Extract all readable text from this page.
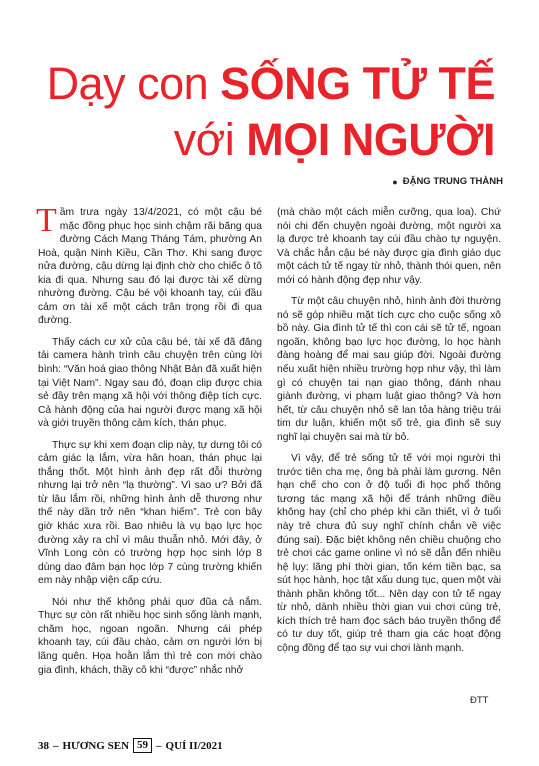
Dạy con SỐNG TỬ TẾ
với MỌI NGƯỜI
● ĐẶNG TRUNG THÀNH

Tầm trưa ngày 13/4/2021, có một cậu bé mặc đồng phục học sinh chậm rãi băng qua đường Cách Mạng Tháng Tám, phường An Hoà, quận Ninh Kiều, Cần Thơ. Khi sang được nửa đường, cậu dừng lại định chờ cho chiếc ô tô kia đi qua. Nhưng sau đó lại được tài xế dừng nhường đường. Cậu bé vội khoanh tay, cúi đầu cảm ơn tài xế một cách trân trọng rồi đi qua đường.

Thấy cách cư xử của cậu bé, tài xế đã đăng tải camera hành trình câu chuyện trên cùng lời bình: “Văn hoá giao thông Nhật Bản đã xuất hiện tại Việt Nam”. Ngay sau đó, đoạn clip được chia sẻ đầy trên mạng xã hội với thông điệp tích cực. Cả hành động của hai người được mạng xã hội và giới truyền thông cảm kích, thán phục.

Thực sự khi xem đoạn clip này, tự dưng tôi có cảm giác lạ lắm, vừa hân hoan, thán phục lại thắng thốt. Một hình ảnh đẹp rất đỗi thường nhưng lại trở nên “lạ thường”. Vì sao ư? Bởi đã từ lâu lắm rồi, những hình ảnh dễ thương như thế này dần trở nên “khan hiếm”. Trẻ con bây giờ khác xưa rồi. Bao nhiêu là vụ bạo lực học đường xảy ra chỉ vì mâu thuẫn nhỏ. Mới đây, ở Vĩnh Long còn có trường hợp học sinh lớp 8 dùng dao đâm bạn học lớp 7 cùng trường khiến em này nhập viện cấp cứu.

Nói như thế không phải quơ đũa cả nắm. Thực sự còn rất nhiều học sinh sống lành mạnh, chăm học, ngoan ngoãn. Nhưng cái phép khoanh tay, cúi đầu chào, cảm ơn người lớn bị lãng quên. Họa hoằn lắm thì trẻ con mới chào gia đình, khách, thầy cô khi “được” nhắc nhở

(mà chào một cách miễn cưỡng, qua loa). Chứ nói chi đến chuyện ngoài đường, một người xa lạ được trẻ khoanh tay cúi đầu chào tự nguyện. Và chắc hẳn cậu bé này được gia đình giáo dục một cách tử tế ngay từ nhỏ, thành thói quen, nên mới có hành động đẹp như vậy.

Từ một câu chuyện nhỏ, hình ảnh đời thường nó sẽ góp nhiều mặt tích cực cho cuộc sống xô bồ này. Gia đình tử tế thì con cái sẽ tử tế, ngoan ngoãn, không bạo lực học đường, lo học hành đàng hoàng để mai sau giúp đời. Ngoài đường nếu xuất hiện nhiều trường hợp như vậy, thì làm gì có chuyện tai nạn giao thông, đánh nhau giành đường, vi phạm luật giao thông? Và hơn hết, từ câu chuyện nhỏ sẽ lan tỏa hàng triệu trái tim dư luận, khiến một số trẻ, gia đình sẽ suy nghĩ lại chuyện sai mà từ bỏ.

Vì vậy, để trẻ sống tử tế với mọi người thì trước tiên cha mẹ, ông bà phải làm gương. Nên hạn chế cho con ở độ tuổi đi học phổ thông tương tác mạng xã hội để tránh những điều không hay (chỉ cho phép khi cần thiết, vì ở tuổi này trẻ chưa đủ suy nghĩ chính chắn về việc đúng sai). Đặc biệt không nên chiều chuộng cho trẻ chơi các game online vì nó sẽ dẫn đến nhiều hệ lụy: lãng phí thời gian, tốn kém tiền bạc, sa sút học hành, học tật xấu dung tục, quen một vài thành phần không tốt... Nên dạy con tử tế ngay từ nhỏ, dành nhiều thời gian vui chơi cùng trẻ, kích thích trẻ ham đọc sách báo truyền thống để có tư duy tốt, giúp trẻ tham gia các hoạt động cộng đồng để tạo sự vui chơi lành mạnh.

ĐTT
38 – HƯƠNG SEN 59 – QUÍ II/2021
